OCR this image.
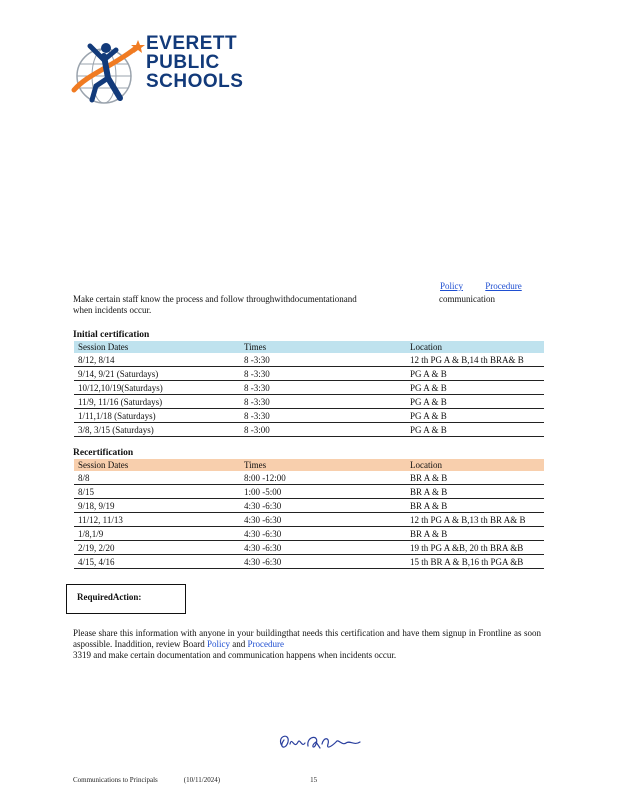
EVERETT
PUBLIC
SCHOOLS
Policy Procedure
Make certain staff know the process and follow throughwithdocumentationand	communication
when incidents occur.
Initial certification
Session Dates	Times	Location
8/12, 8/14	8 -3:30	12 th PG A & B,14 th BRA& B
9/14, 9/21 (Saturdays)	8 -3:30	PG A & B
10/12,10/19(Saturdays)	8 -3:30	PG A & B
11/9, 11/16 (Saturdays)	8 -3:30	PG A & B
1/11,1/18 (Saturdays)	8 -3:30	PG A & B
3/8, 3/15 (Saturdays)	8 -3:00	PG A & B
Recertification
Session Dates	Times	Location
8/8	8:00 -12:00	BR A & B
8/15	1:00 -5:00	BR A & B
9/18, 9/19	4:30 -6:30	BR A & B
11/12, 11/13	4:30 -6:30	12 th PG A & B,13 th BR A& B
1/8,1/9	4:30 -6:30	BR A & B
2/19, 2/20	4:30 -6:30	19 th PG A &B, 20 th BRA &B
4/15, 4/16	4:30 -6:30	15 th BR A & B,16 th PGA &B
RequiredAction:
Please share this information with anyone in your buildingthat needs this certification and have them signup in Frontline as soon aspossible. Inaddition, review Board Policy and Procedure
3319 and make certain documentation and communication happens when incidents occur.
Communications to Principals	(10/11/2024)	15
